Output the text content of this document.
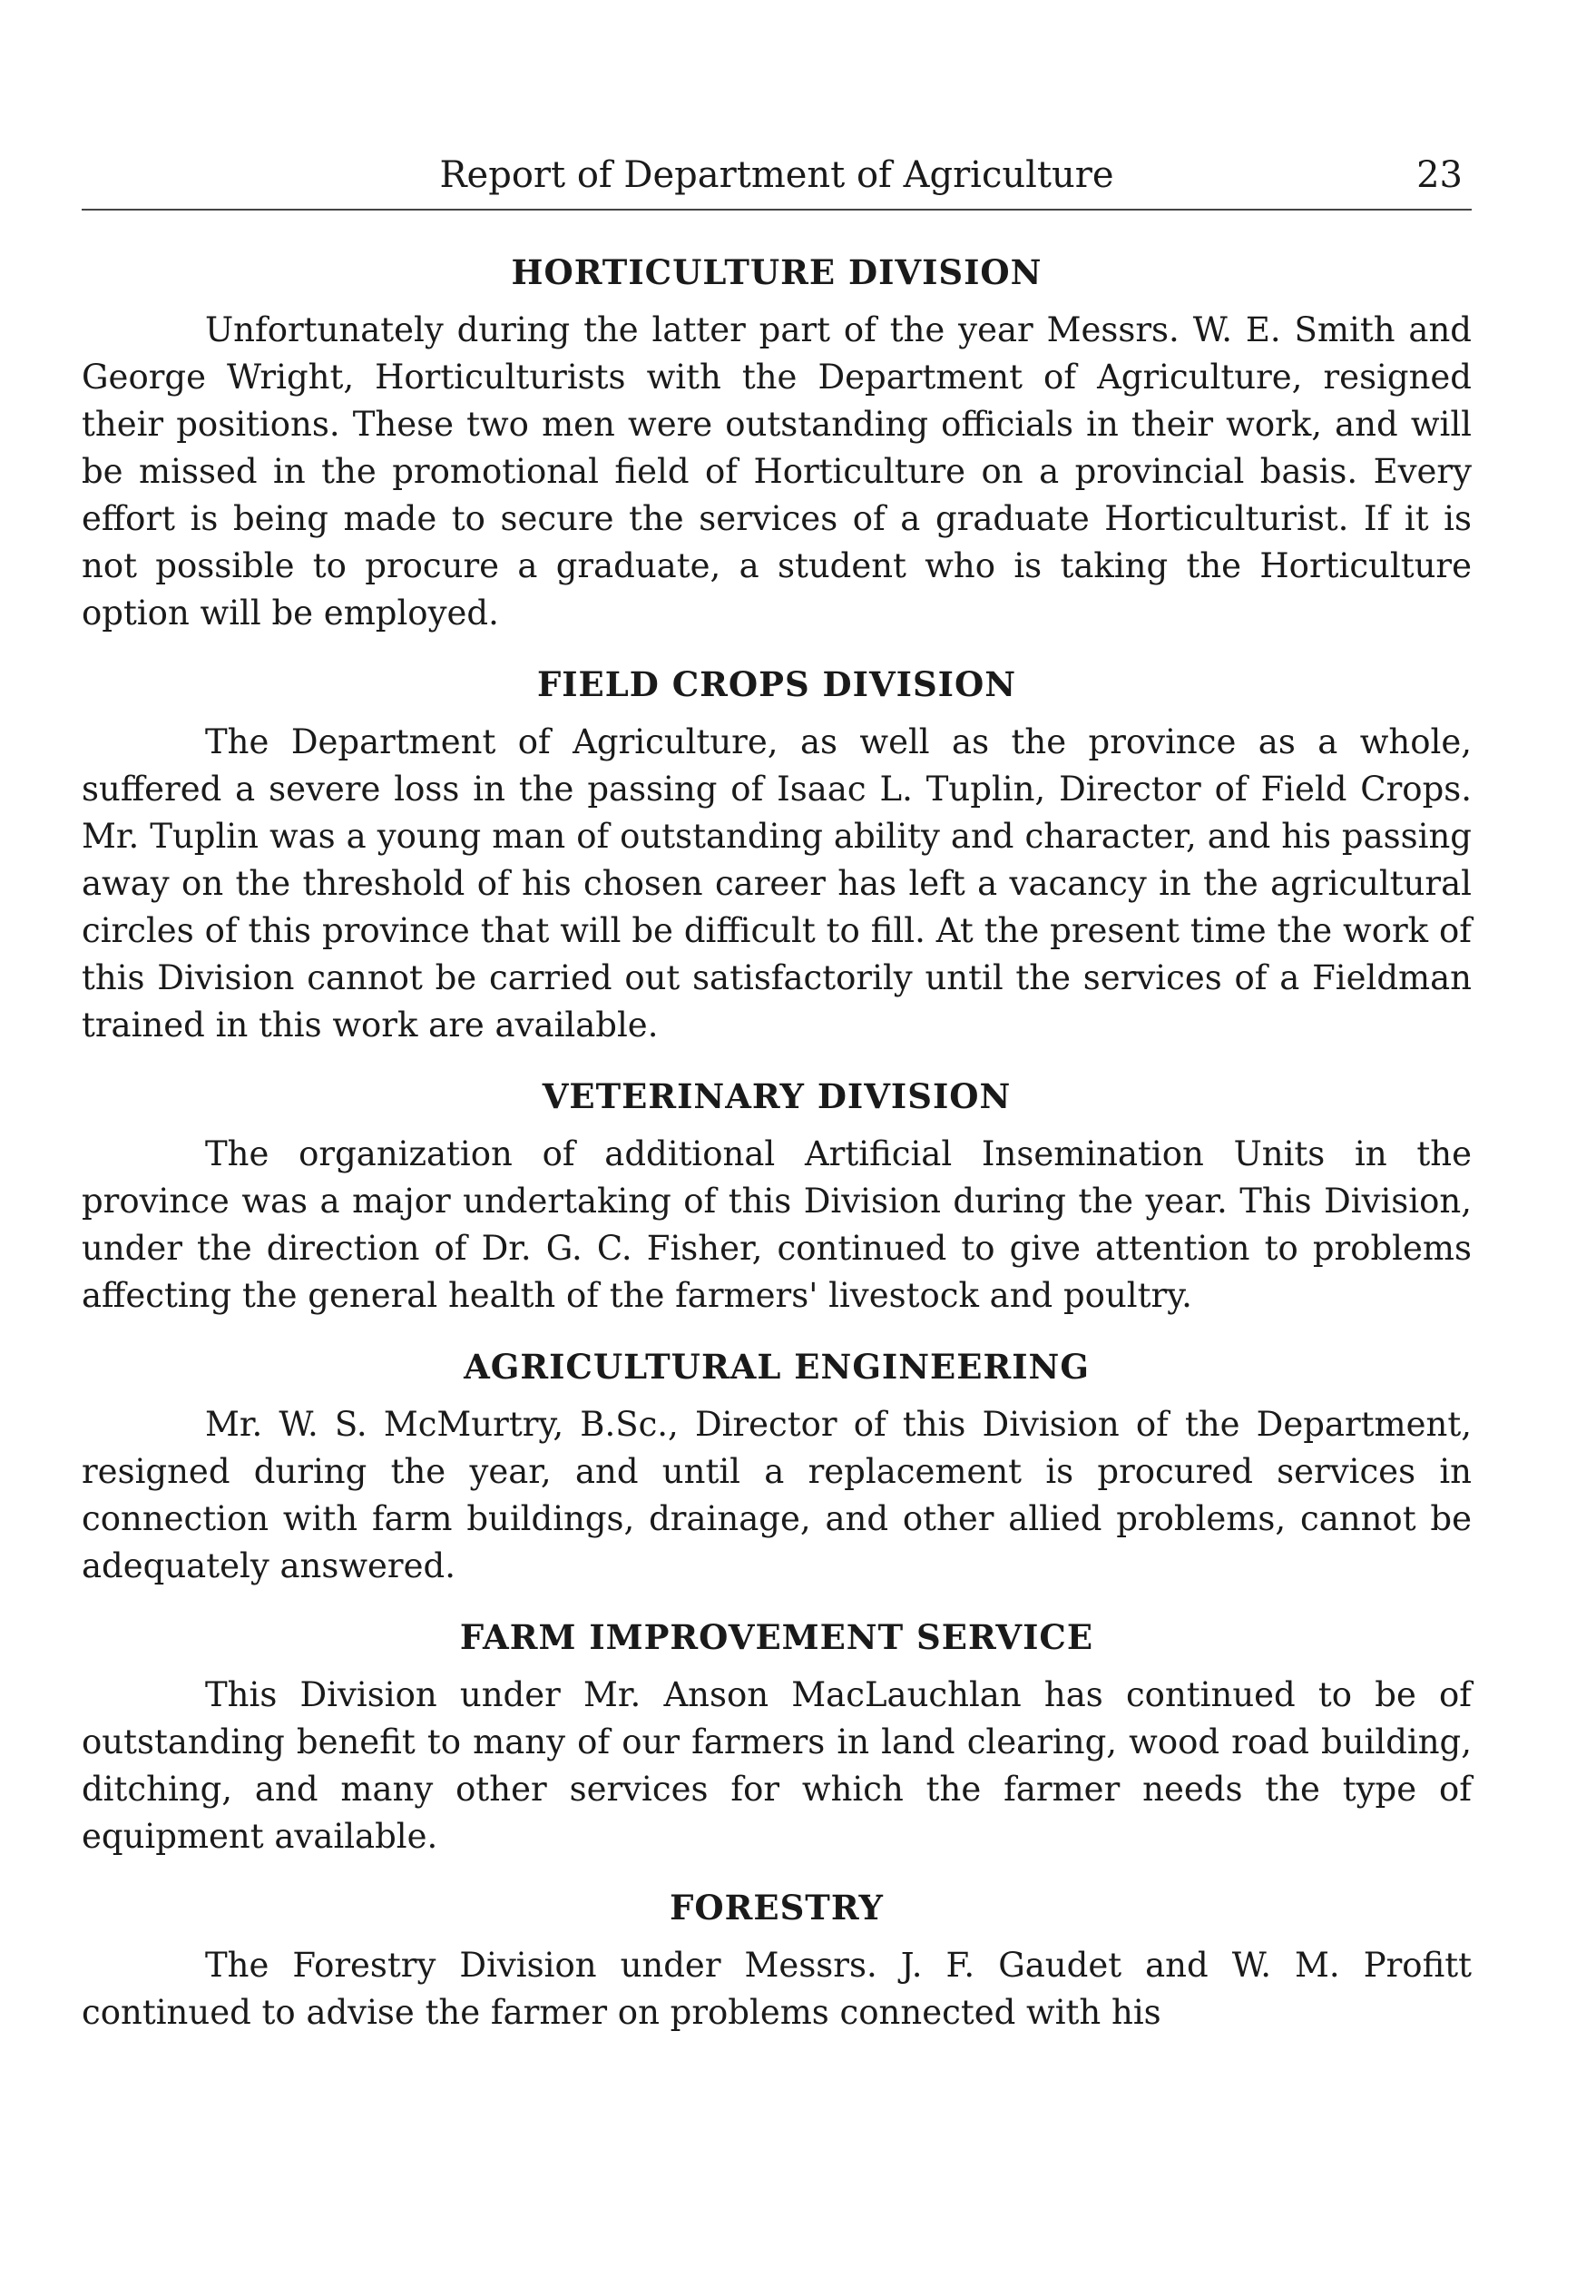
Report of Department of Agriculture	23
HORTICULTURE DIVISION

Unfortunately during the latter part of the year Messrs. W. E. Smith and George Wright, Horticulturists with the Department of Agriculture, resigned their positions. These two men were outstanding officials in their work, and will be missed in the promotional field of Horticulture on a provincial basis. Every effort is being made to secure the services of a graduate Horticulturist. If it is not possible to procure a graduate, a student who is taking the Horticulture option will be employed.

FIELD CROPS DIVISION

The Department of Agriculture, as well as the province as a whole, suffered a severe loss in the passing of Isaac L. Tuplin, Director of Field Crops. Mr. Tuplin was a young man of outstanding ability and character, and his passing away on the threshold of his chosen career has left a vacancy in the agricultural circles of this province that will be difficult to fill. At the present time the work of this Division cannot be carried out satisfactorily until the services of a Fieldman trained in this work are available.

VETERINARY DIVISION

The organization of additional Artificial Insemination Units in the province was a major undertaking of this Division during the year. This Division, under the direction of Dr. G. C. Fisher, continued to give attention to problems affecting the general health of the farmers' livestock and poultry.

AGRICULTURAL ENGINEERING

Mr. W. S. McMurtry, B.Sc., Director of this Division of the Department, resigned during the year, and until a replacement is procured services in connection with farm buildings, drainage, and other allied problems, cannot be adequately answered.

FARM IMPROVEMENT SERVICE

This Division under Mr. Anson MacLauchlan has continued to be of outstanding benefit to many of our farmers in land clearing, wood road building, ditching, and many other services for which the farmer needs the type of equipment available.

FORESTRY

The Forestry Division under Messrs. J. F. Gaudet and W. M. Profitt continued to advise the farmer on problems connected with his
